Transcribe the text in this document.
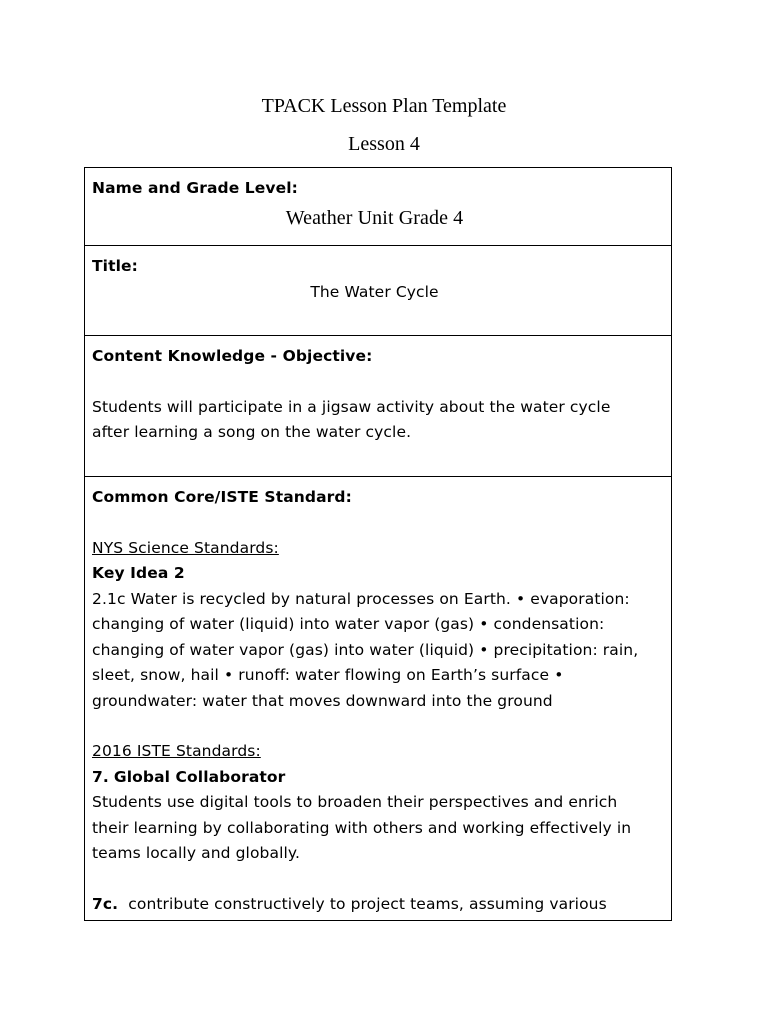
TPACK Lesson Plan Template
Lesson 4
Name and Grade Level:
Weather Unit Grade 4
Title:
The Water Cycle
Content Knowledge - Objective:
Students will participate in a jigsaw activity about the water cycle
after learning a song on the water cycle.
Common Core/ISTE Standard:
NYS Science Standards:
Key Idea 2
2.1c Water is recycled by natural processes on Earth. • evaporation:
changing of water (liquid) into water vapor (gas) • condensation:
changing of water vapor (gas) into water (liquid) • precipitation: rain,
sleet, snow, hail • runoff: water flowing on Earth’s surface •
groundwater: water that moves downward into the ground
2016 ISTE Standards:
7. Global Collaborator
Students use digital tools to broaden their perspectives and enrich
their learning by collaborating with others and working effectively in
teams locally and globally.
7c. contribute constructively to project teams, assuming various
